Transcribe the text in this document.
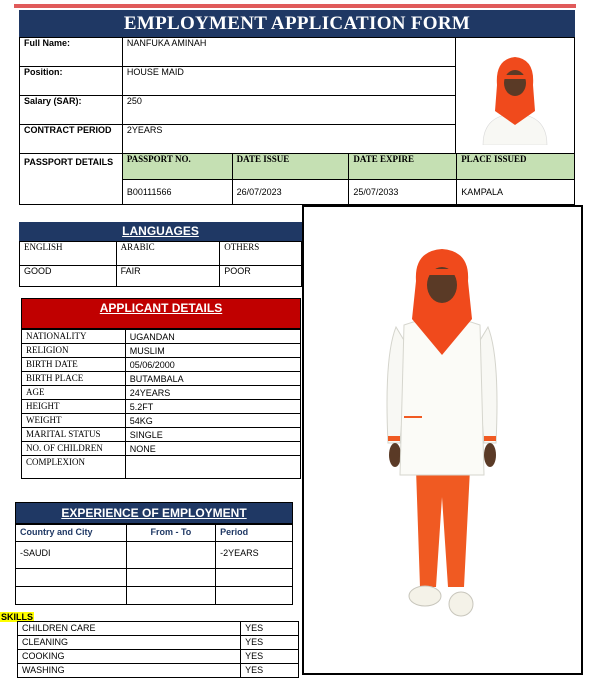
EMPLOYMENT APPLICATION FORM
Full Name:	NANFUKA AMINAH	
Position:	HOUSE MAID	
Salary (SAR):	250	
CONTRACT PERIOD	2YEARS	
PASSPORT DETAILS	PASSPORT NO.	DATE ISSUE	DATE EXPIRE	PLACE ISSUED
	B00111566	26/07/2023	25/07/2033	KAMPALA
LANGUAGES
ENGLISH	ARABIC	OTHERS
GOOD	FAIR	POOR
APPLICANT DETAILS
NATIONALITY	UGANDAN
RELIGION	MUSLIM
BIRTH DATE	05/06/2000
BIRTH PLACE	BUTAMBALA
AGE	24YEARS
HEIGHT	5.2FT
WEIGHT	54KG
MARITAL STATUS	SINGLE
NO. OF CHILDREN	NONE
COMPLEXION	
EXPERIENCE OF EMPLOYMENT
Country and City	From - To	Period
-SAUDI		-2YEARS

SKILLS
CHILDREN CARE	YES
CLEANING	YES
COOKING	YES
WASHING	YES
